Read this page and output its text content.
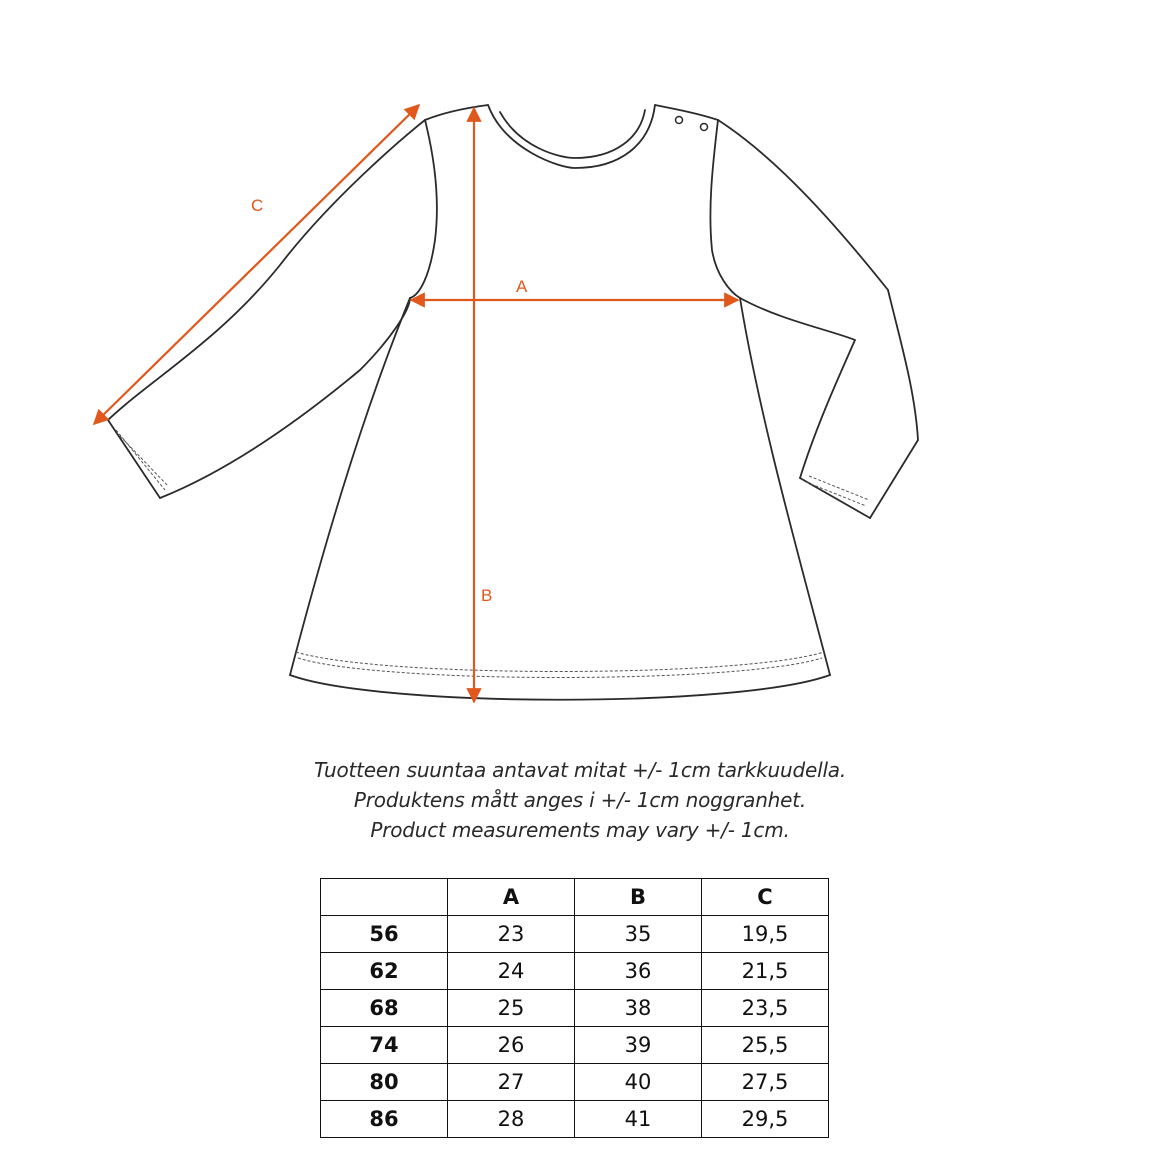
A
B
C
Tuotteen suuntaa antavat mitat +/- 1cm tarkkuudella.
Produktens mått anges i +/- 1cm noggranhet.
Product measurements may vary +/- 1cm.
	A	B	C
56	23	35	19,5
62	24	36	21,5
68	25	38	23,5
74	26	39	25,5
80	27	40	27,5
86	28	41	29,5
